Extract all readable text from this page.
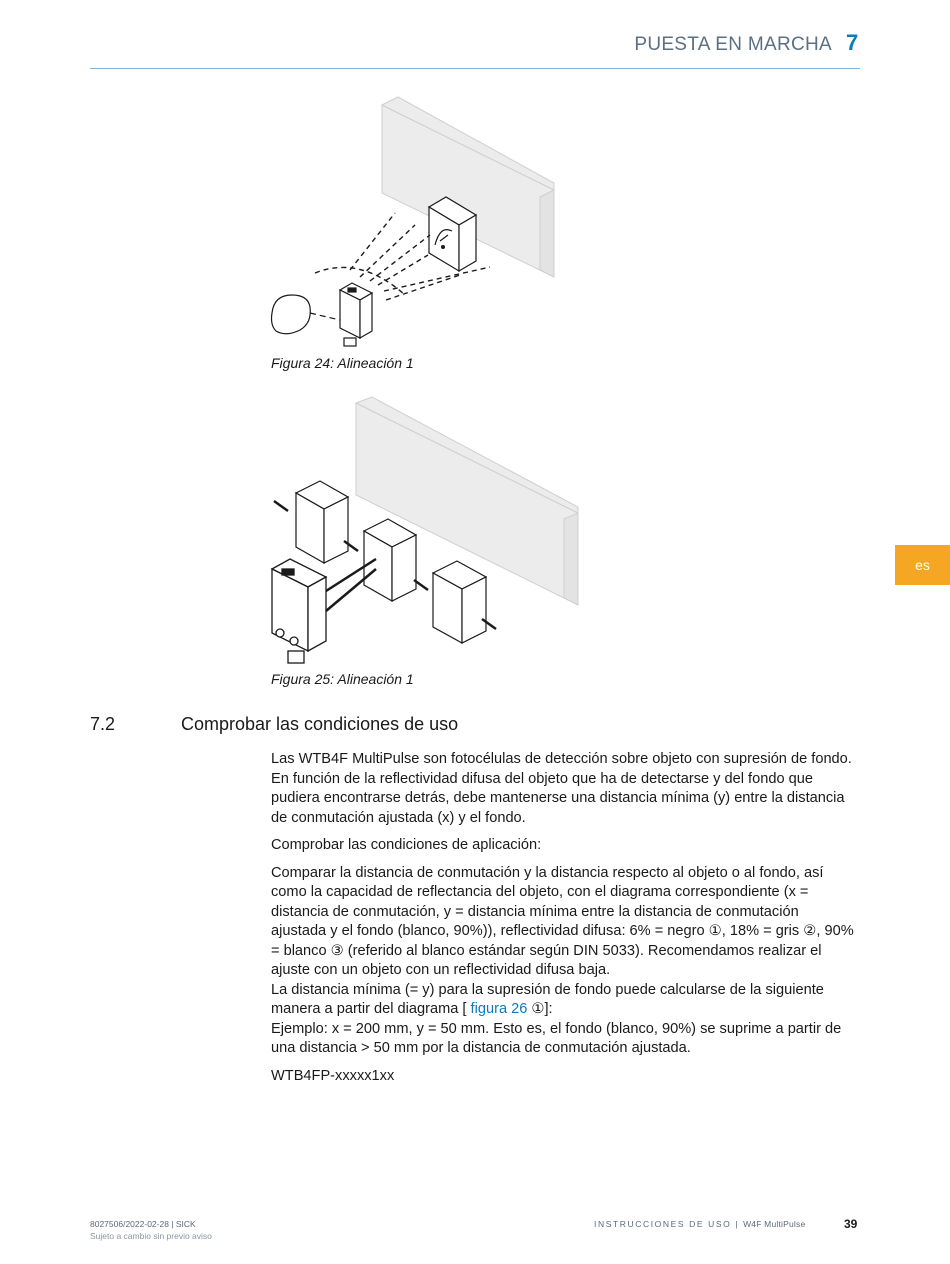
PUESTA EN MARCHA 7
es
Figura 24: Alineación 1
Figura 25: Alineación 1
7.2	Comprobar las condiciones de uso

Las WTB4F MultiPulse son fotocélulas de detección sobre objeto con supresión de fondo. En función de la reflectividad difusa del objeto que ha de detectarse y del fondo que pudiera encontrarse detrás, debe mantenerse una distancia mínima (y) entre la distancia de conmutación ajustada (x) y el fondo.

Comprobar las condiciones de aplicación:

Comparar la distancia de conmutación y la distancia respecto al objeto o al fondo, así como la capacidad de reflectancia del objeto, con el diagrama correspondiente (x = distancia de conmutación, y = distancia mínima entre la distancia de conmutación ajustada y el fondo (blanco, 90%)), reflectividad difusa: 6% = negro ①, 18% = gris ②, 90% = blanco ③ (referido al blanco estándar según DIN 5033). Recomendamos realizar el ajuste con un objeto con un reflectividad difusa baja.

La distancia mínima (= y) para la supresión de fondo puede calcularse de la siguiente manera a partir del diagrama [ figura 26 ①]:

Ejemplo: x = 200 mm, y = 50 mm. Esto es, el fondo (blanco, 90%) se suprime a partir de una distancia > 50 mm por la distancia de conmutación ajustada.

WTB4FP-xxxxx1xx

8027506/2022-02-28 | SICK
Sujeto a cambio sin previo aviso
INSTRUCCIONES DE USO | W4F MultiPulse	39
